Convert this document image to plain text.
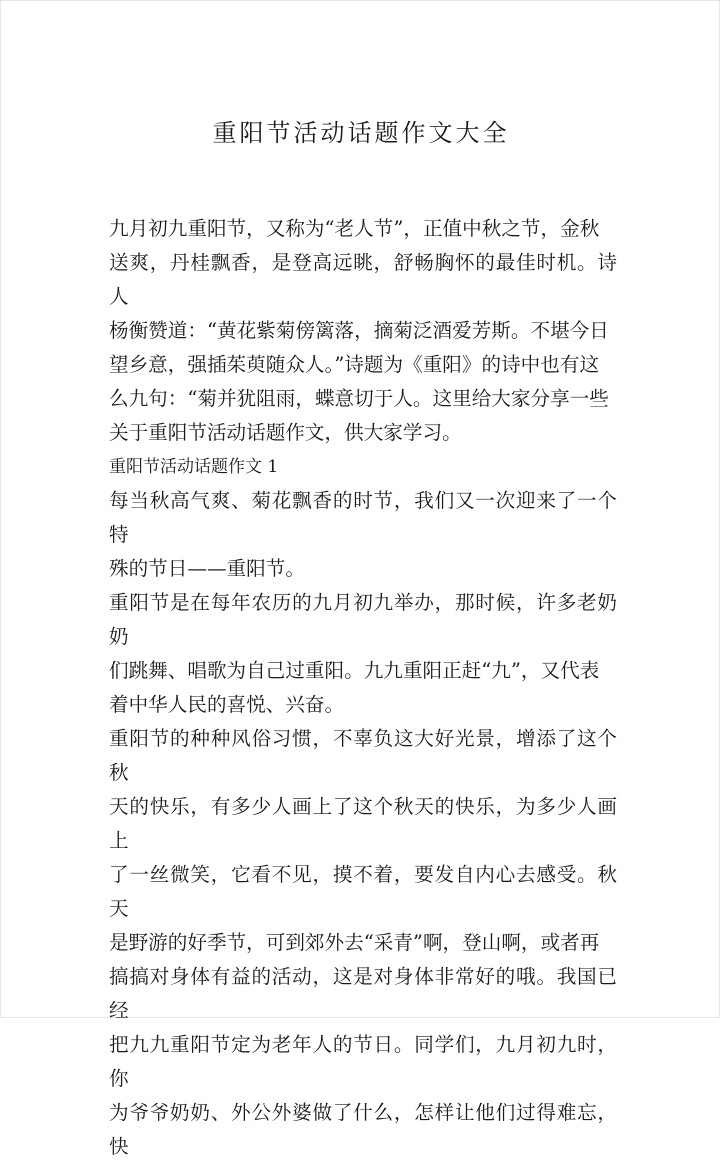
重阳节活动话题作文大全

九月初九重阳节，又称为“老人节”，正值中秋之节，金秋
送爽，丹桂飘香，是登高远眺，舒畅胸怀的最佳时机。诗人
杨衡赞道：“黄花紫菊傍篱落，摘菊泛酒爱芳斯。不堪今日
望乡意，强插茱萸随众人。”诗题为《重阳》的诗中也有这
么九句：“菊并犹阻雨，蝶意切于人。这里给大家分享一些
关于重阳节活动话题作文，供大家学习。

重阳节活动话题作文 1

每当秋高气爽、菊花飘香的时节，我们又一次迎来了一个特
殊的节日——重阳节。

重阳节是在每年农历的九月初九举办，那时候，许多老奶奶
们跳舞、唱歌为自己过重阳。九九重阳正赶“九”，又代表
着中华人民的喜悦、兴奋。

重阳节的种种风俗习惯，不辜负这大好光景，增添了这个秋
天的快乐，有多少人画上了这个秋天的快乐，为多少人画上
了一丝微笑，它看不见，摸不着，要发自内心去感受。秋天
是野游的好季节，可到郊外去“采青”啊，登山啊，或者再
搞搞对身体有益的活动，这是对身体非常好的哦。我国已经
把九九重阳节定为老年人的节日。同学们，九月初九时，你
为爷爷奶奶、外公外婆做了什么，怎样让他们过得难忘，快
